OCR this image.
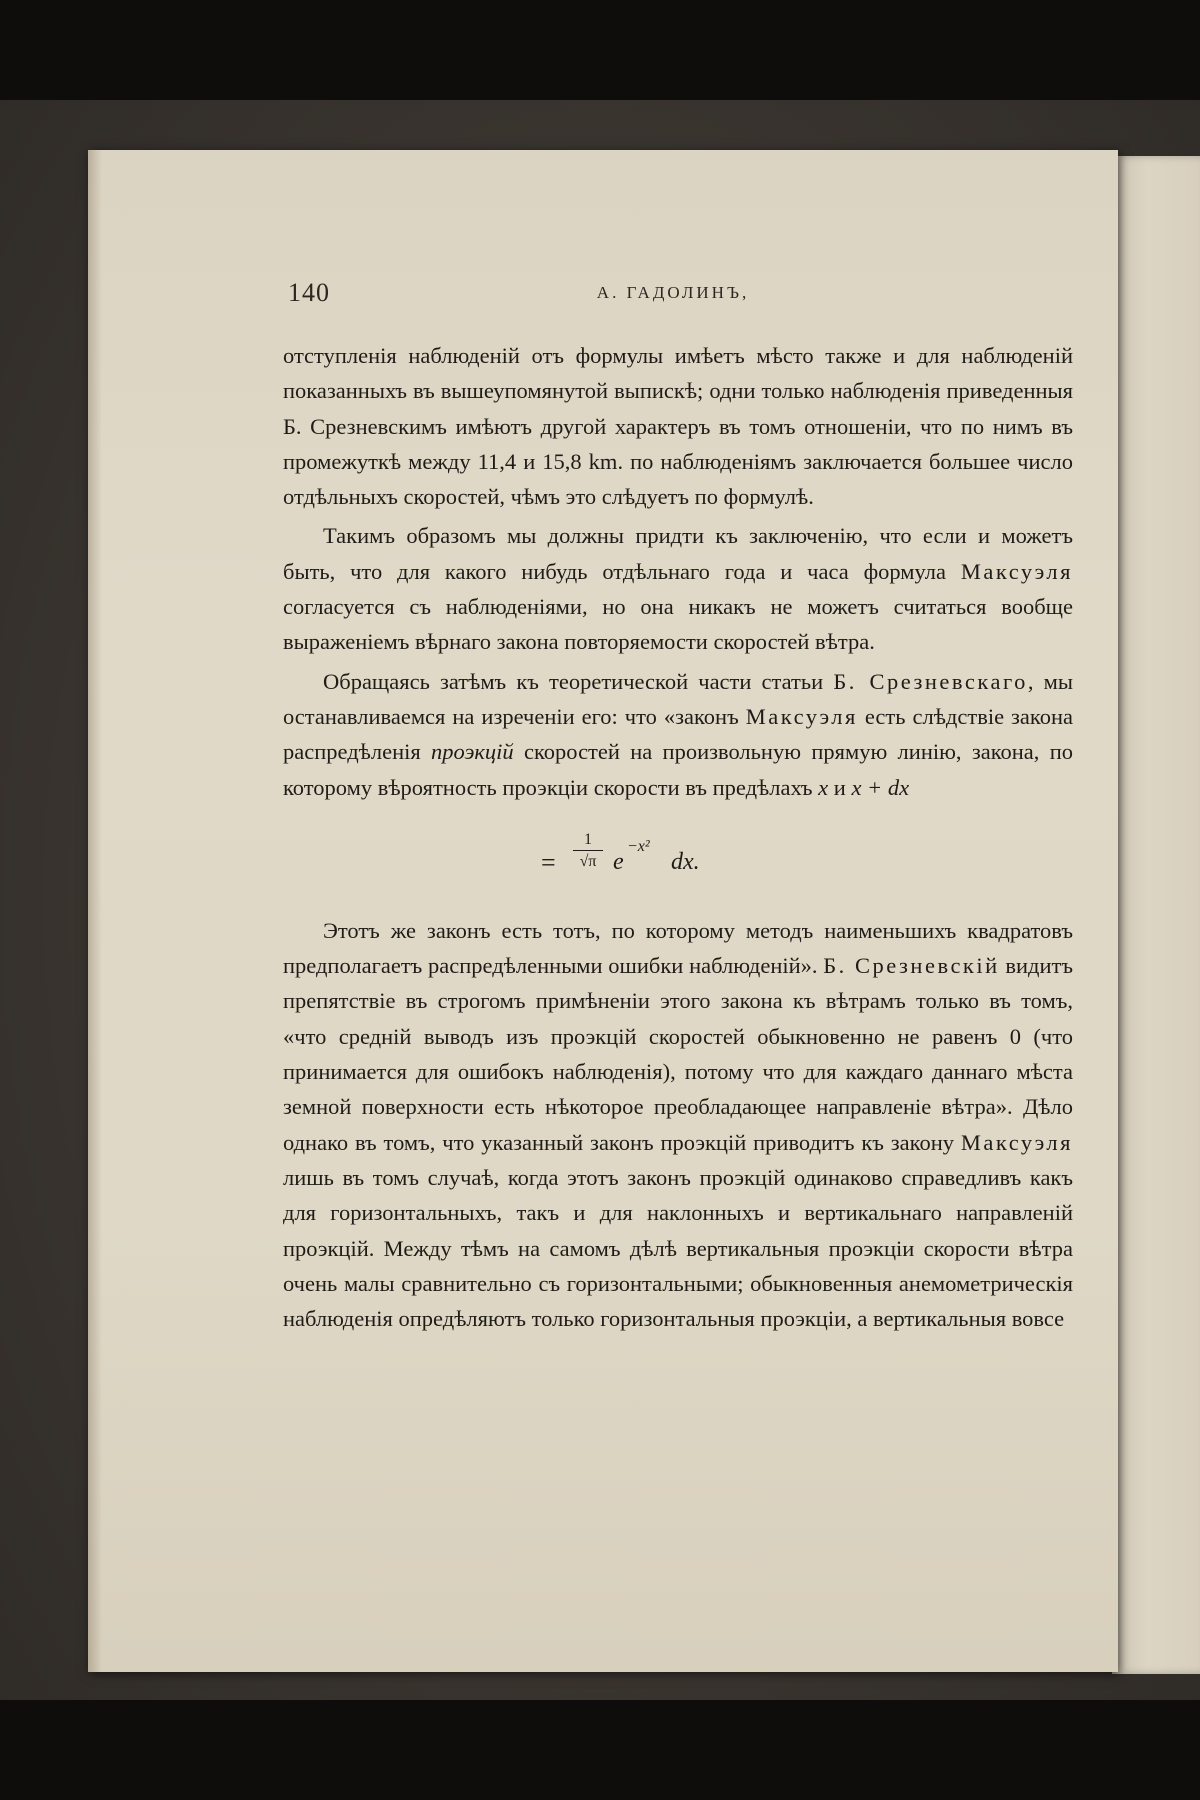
140	А. ГАДОЛИНЪ,

отступленія наблюденій отъ формулы имѣетъ мѣсто также и для наблюденій показанныхъ въ вышеупомянутой выпискѣ; одни только наблюденія приведенныя Б. Срезневскимъ имѣютъ другой характеръ въ томъ отношеніи, что по нимъ въ промежуткѣ между 11,4 и 15,8 km. по наблюденіямъ заключается большее число отдѣльныхъ скоростей, чѣмъ это слѣдуетъ по формулѣ.

Такимъ образомъ мы должны придти къ заключенію, что если и можетъ быть, что для какого нибудь отдѣльнаго года и часа формула Максуэля согласуется съ наблюденіями, но она никакъ не можетъ считаться вообще выраженіемъ вѣрнаго закона повторяемости скоростей вѣтра.

Обращаясь затѣмъ къ теоретической части статьи Б. Срезневскаго, мы останавливаемся на изреченіи его: что «законъ Максуэля есть слѣдствіе закона распредѣленія проэкцій скоростей на произвольную прямую линію, закона, по которому вѣроятность проэкціи скорости въ предѣлахъ x и x + dx

=
1
√π e
−x²
dx.

Этотъ же законъ есть тотъ, по которому методъ наименьшихъ квадратовъ предполагаетъ распредѣленными ошибки наблюденій». Б. Срезневскій видитъ препятствіе въ строгомъ примѣненіи этого закона къ вѣтрамъ только въ томъ, «что средній выводъ изъ проэкцій скоростей обыкновенно не равенъ 0 (что принимается для ошибокъ наблюденія), потому что для каждаго даннаго мѣста земной поверхности есть нѣкоторое преобладающее направленіе вѣтра». Дѣло однако въ томъ, что указанный законъ проэкцій приводитъ къ закону Максуэля лишь въ томъ случаѣ, когда этотъ законъ проэкцій одинаково справедливъ какъ для горизонтальныхъ, такъ и для наклонныхъ и вертикальнаго направленій проэкцій. Между тѣмъ на самомъ дѣлѣ вертикальныя проэкціи скорости вѣтра очень малы сравнительно съ горизонтальными; обыкновенныя анемометрическія наблюденія опредѣляютъ только горизонтальныя проэкціи, а вертикальныя вовсе
